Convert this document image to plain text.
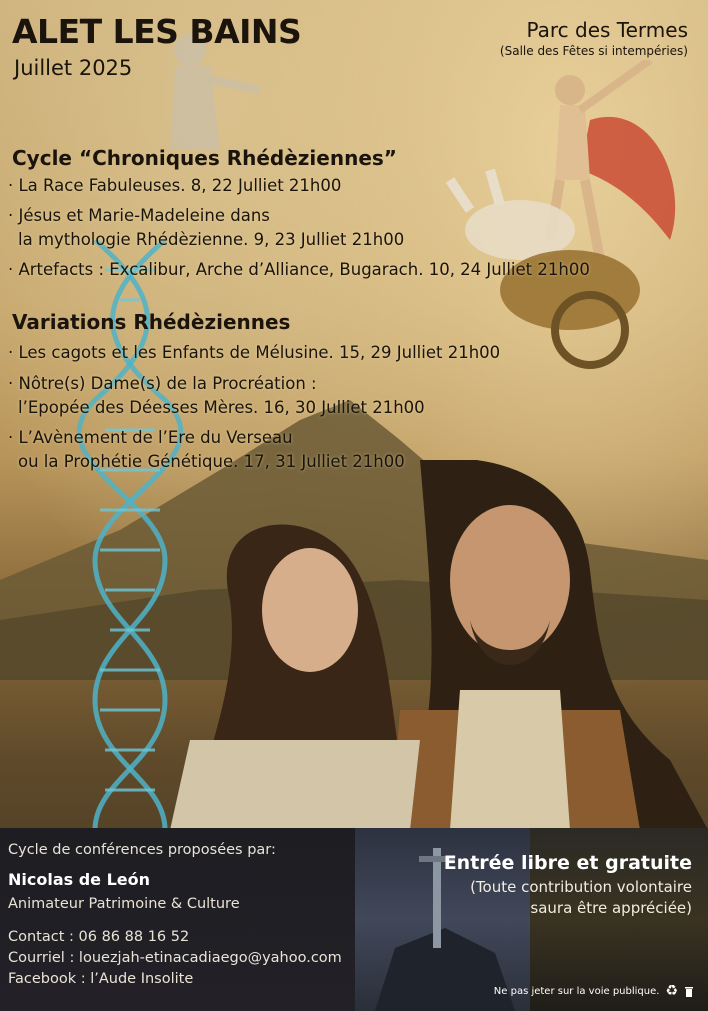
ALET LES BAINS
Juillet 2025
Parc des Termes
(Salle des Fêtes si intempéries)
Cycle “Chroniques Rhédèziennes”
· La Race Fabuleuses. 8, 22 Julliet 21h00
· Jésus et Marie-Madeleine dans
la mythologie Rhédèzienne. 9, 23 Julliet 21h00
· Artefacts : Excalibur, Arche d’Alliance, Bugarach. 10, 24 Julliet 21h00
Variations Rhédèziennes
· Les cagots et les Enfants de Mélusine. 15, 29 Julliet 21h00
· Nôtre(s) Dame(s) de la Procréation :
l’Epopée des Déesses Mères. 16, 30 Julliet 21h00
· L’Avènement de l’Ere du Verseau
ou la Prophétie Génétique. 17, 31 Julliet 21h00
Cycle de conférences proposées par:
Nicolas de León
Animateur Patrimoine & Culture
Contact : 06 86 88 16 52
Courriel : louezjah-etinacadiaego@yahoo.com
Facebook : l’Aude Insolite
Entrée libre et gratuite
(Toute contribution volontaire
saura être appréciée)
Ne pas jeter sur la voie publique. ♻
